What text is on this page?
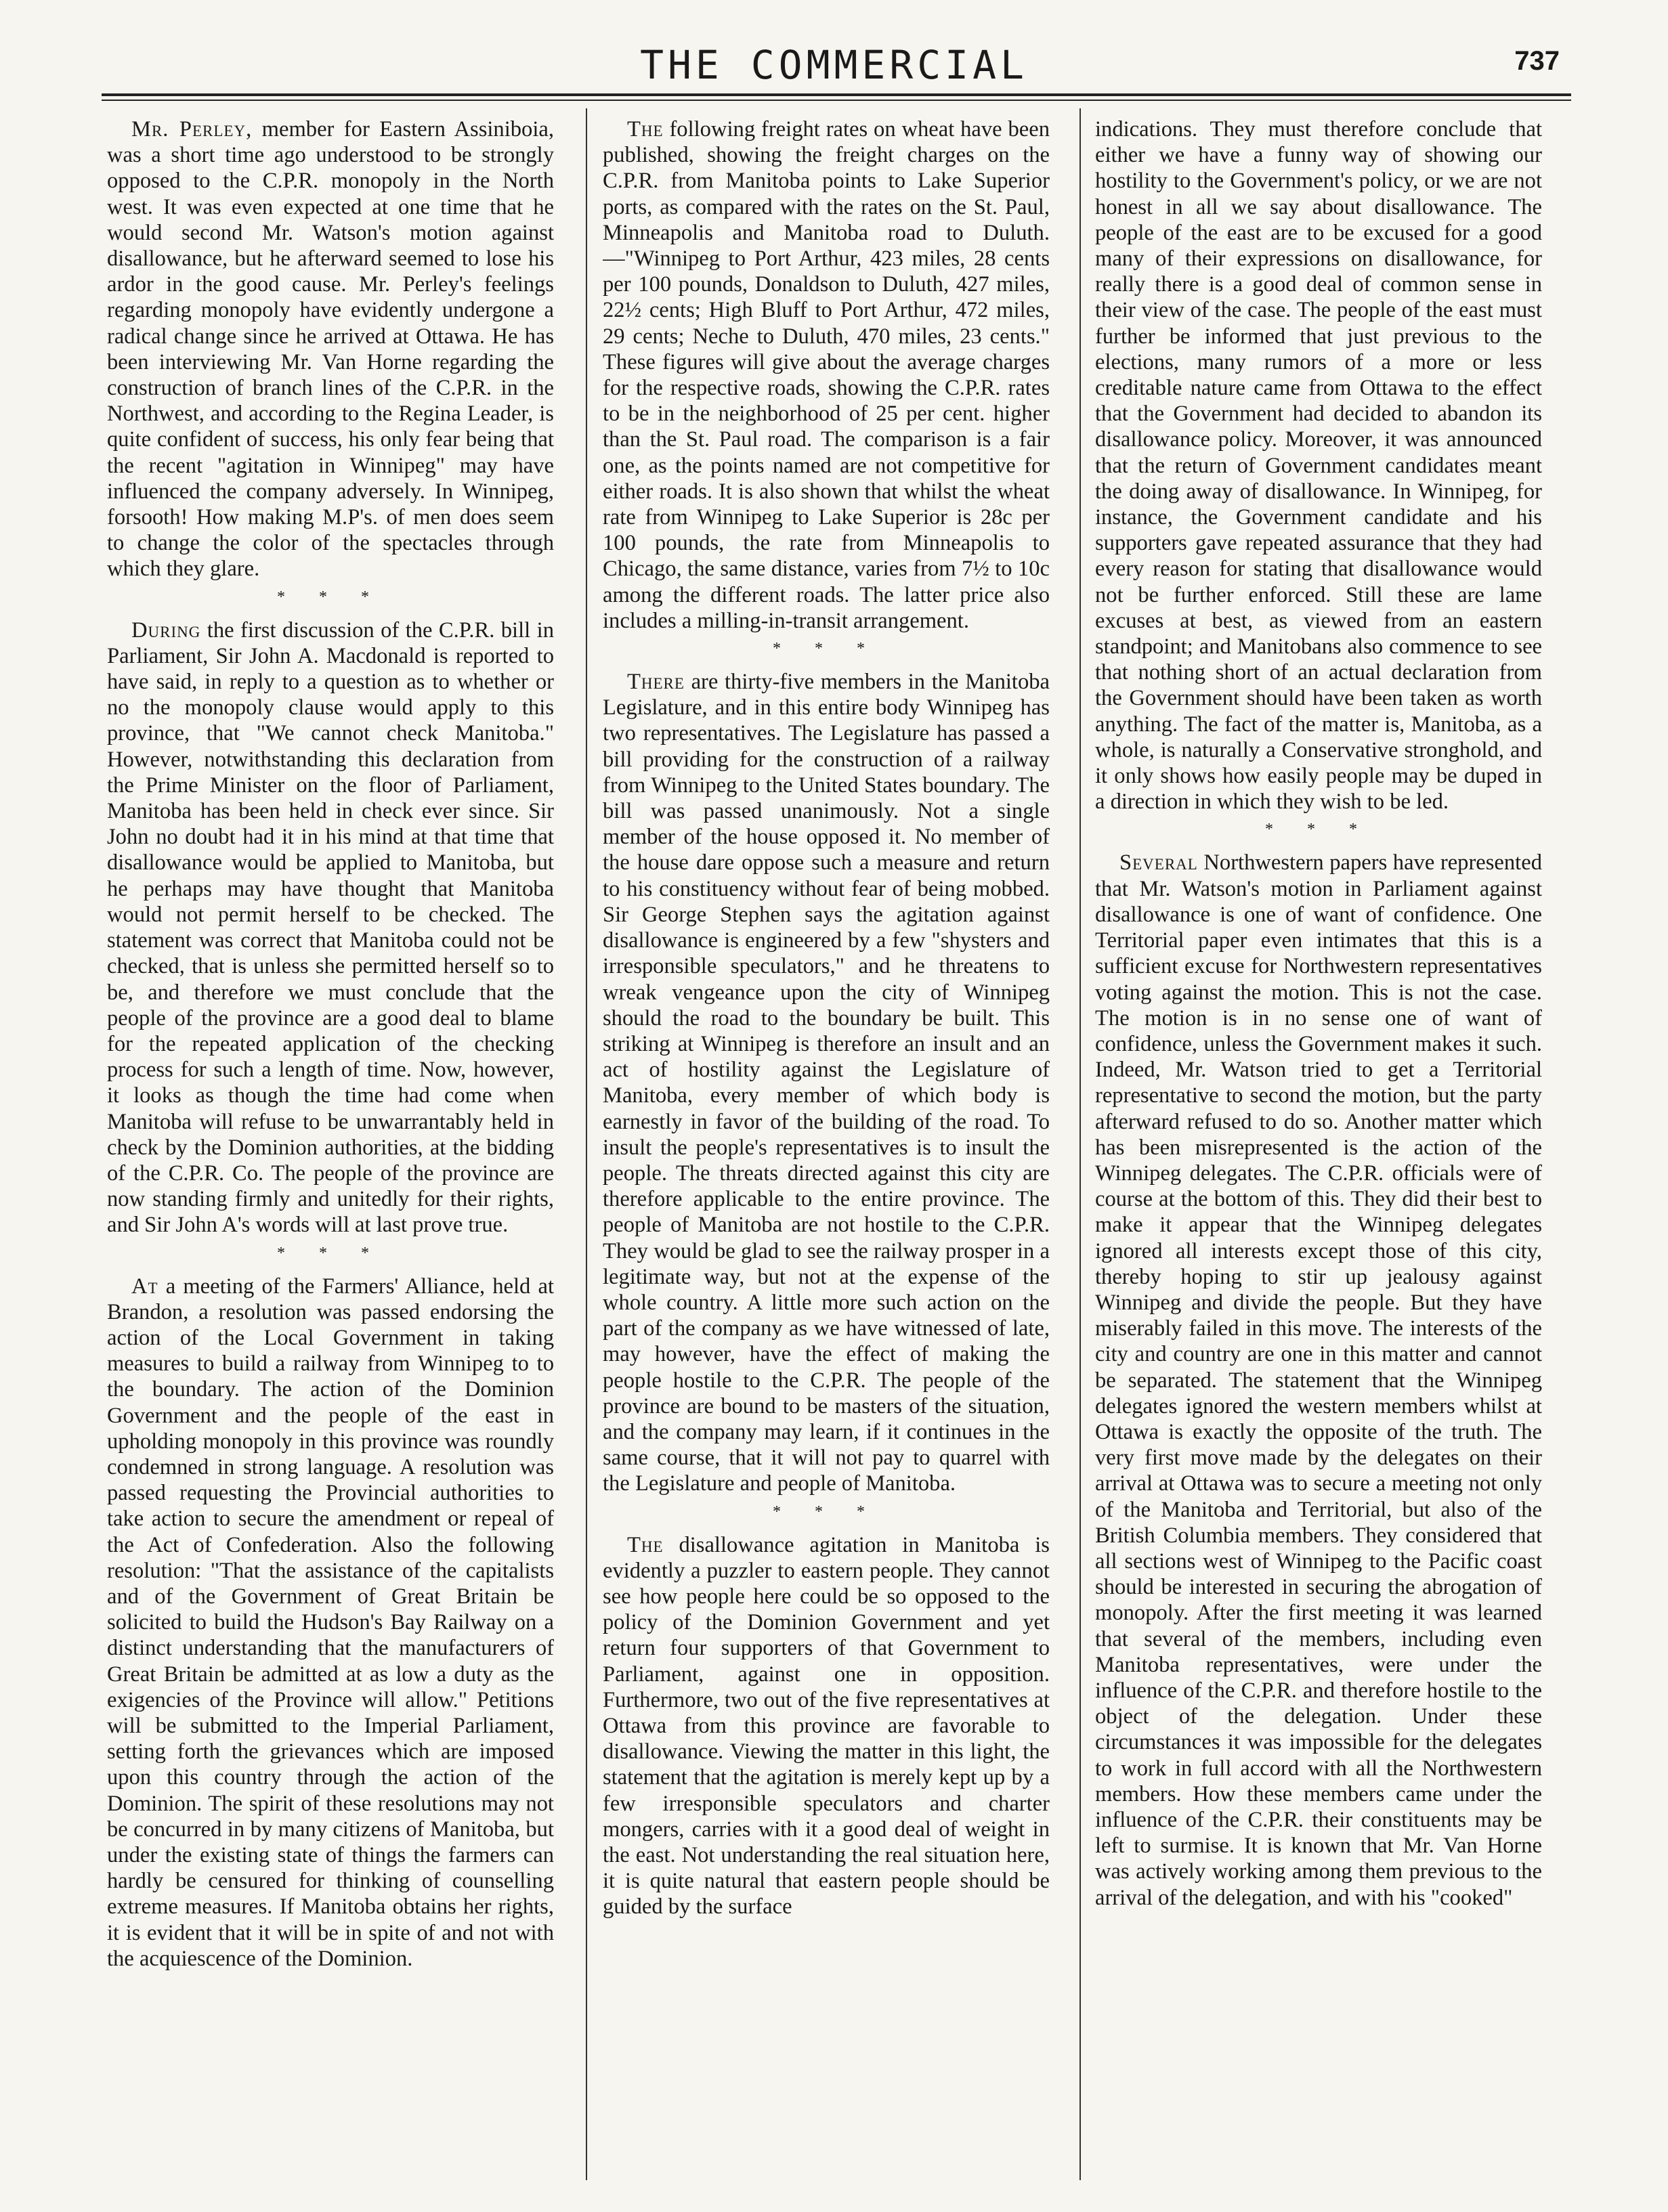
THE COMMERCIAL	737

Mr. Perley, member for Eastern Assiniboia, was a short time ago understood to be strongly opposed to the C.P.R. monopoly in the North west. It was even expected at one time that he would second Mr. Watson's motion against disallowance, but he afterward seemed to lose his ardor in the good cause. Mr. Perley's feelings regarding monopoly have evidently undergone a radical change since he arrived at Ottawa. He has been interviewing Mr. Van Horne regarding the construction of branch lines of the C.P.R. in the Northwest, and according to the Regina Leader, is quite confident of success, his only fear being that the recent "agitation in Winnipeg" may have influenced the company adversely. In Winnipeg, forsooth! How making M.P's. of men does seem to change the color of the spectacles through which they glare.

* * *

During the first discussion of the C.P.R. bill in Parliament, Sir John A. Macdonald is reported to have said, in reply to a question as to whether or no the monopoly clause would apply to this province, that "We cannot check Manitoba." However, notwithstanding this declaration from the Prime Minister on the floor of Parliament, Manitoba has been held in check ever since. Sir John no doubt had it in his mind at that time that disallowance would be applied to Manitoba, but he perhaps may have thought that Manitoba would not permit herself to be checked. The statement was correct that Manitoba could not be checked, that is unless she permitted herself so to be, and therefore we must conclude that the people of the province are a good deal to blame for the repeated application of the checking process for such a length of time. Now, however, it looks as though the time had come when Manitoba will refuse to be unwarrantably held in check by the Dominion authorities, at the bidding of the C.P.R. Co. The people of the province are now standing firmly and unitedly for their rights, and Sir John A's words will at last prove true.

* * *

At a meeting of the Farmers' Alliance, held at Brandon, a resolution was passed endorsing the action of the Local Government in taking measures to build a railway from Winnipeg to to the boundary. The action of the Dominion Government and the people of the east in upholding monopoly in this province was roundly condemned in strong language. A resolution was passed requesting the Provincial authorities to take action to secure the amendment or repeal of the Act of Confederation. Also the following resolution: "That the assistance of the capitalists and of the Government of Great Britain be solicited to build the Hudson's Bay Railway on a distinct understanding that the manufacturers of Great Britain be admitted at as low a duty as the exigencies of the Province will allow." Petitions will be submitted to the Imperial Parliament, setting forth the grievances which are imposed upon this country through the action of the Dominion. The spirit of these resolutions may not be concurred in by many citizens of Manitoba, but under the existing state of things the farmers can hardly be censured for thinking of counselling extreme measures. If Manitoba obtains her rights, it is evident that it will be in spite of and not with the acquiescence of the Dominion.

The following freight rates on wheat have been published, showing the freight charges on the C.P.R. from Manitoba points to Lake Superior ports, as compared with the rates on the St. Paul, Minneapolis and Manitoba road to Duluth.—"Winnipeg to Port Arthur, 423 miles, 28 cents per 100 pounds, Donaldson to Duluth, 427 miles, 22½ cents; High Bluff to Port Arthur, 472 miles, 29 cents; Neche to Duluth, 470 miles, 23 cents." These figures will give about the average charges for the respective roads, showing the C.P.R. rates to be in the neighborhood of 25 per cent. higher than the St. Paul road. The comparison is a fair one, as the points named are not competitive for either roads. It is also shown that whilst the wheat rate from Winnipeg to Lake Superior is 28c per 100 pounds, the rate from Minneapolis to Chicago, the same distance, varies from 7½ to 10c among the different roads. The latter price also includes a milling-in-transit arrangement.

* * *

There are thirty-five members in the Manitoba Legislature, and in this entire body Winnipeg has two representatives. The Legislature has passed a bill providing for the construction of a railway from Winnipeg to the United States boundary. The bill was passed unanimously. Not a single member of the house opposed it. No member of the house dare oppose such a measure and return to his constituency without fear of being mobbed. Sir George Stephen says the agitation against disallowance is engineered by a few "shysters and irresponsible speculators," and he threatens to wreak vengeance upon the city of Winnipeg should the road to the boundary be built. This striking at Winnipeg is therefore an insult and an act of hostility against the Legislature of Manitoba, every member of which body is earnestly in favor of the building of the road. To insult the people's representatives is to insult the people. The threats directed against this city are therefore applicable to the entire province. The people of Manitoba are not hostile to the C.P.R. They would be glad to see the railway prosper in a legitimate way, but not at the expense of the whole country. A little more such action on the part of the company as we have witnessed of late, may however, have the effect of making the people hostile to the C.P.R. The people of the province are bound to be masters of the situation, and the company may learn, if it continues in the same course, that it will not pay to quarrel with the Legislature and people of Manitoba.

* * *

The disallowance agitation in Manitoba is evidently a puzzler to eastern people. They cannot see how people here could be so opposed to the policy of the Dominion Government and yet return four supporters of that Government to Parliament, against one in opposition. Furthermore, two out of the five representatives at Ottawa from this province are favorable to disallowance. Viewing the matter in this light, the statement that the agitation is merely kept up by a few irresponsible speculators and charter mongers, carries with it a good deal of weight in the east. Not understanding the real situation here, it is quite natural that eastern people should be guided by the surface

indications. They must therefore conclude that either we have a funny way of showing our hostility to the Government's policy, or we are not honest in all we say about disallowance. The people of the east are to be excused for a good many of their expressions on disallowance, for really there is a good deal of common sense in their view of the case. The people of the east must further be informed that just previous to the elections, many rumors of a more or less creditable nature came from Ottawa to the effect that the Government had decided to abandon its disallowance policy. Moreover, it was announced that the return of Government candidates meant the doing away of disallowance. In Winnipeg, for instance, the Government candidate and his supporters gave repeated assurance that they had every reason for stating that disallowance would not be further enforced. Still these are lame excuses at best, as viewed from an eastern standpoint; and Manitobans also commence to see that nothing short of an actual declaration from the Government should have been taken as worth anything. The fact of the matter is, Manitoba, as a whole, is naturally a Conservative stronghold, and it only shows how easily people may be duped in a direction in which they wish to be led.

* * *

Several Northwestern papers have represented that Mr. Watson's motion in Parliament against disallowance is one of want of confidence. One Territorial paper even intimates that this is a sufficient excuse for Northwestern representatives voting against the motion. This is not the case. The motion is in no sense one of want of confidence, unless the Government makes it such. Indeed, Mr. Watson tried to get a Territorial representative to second the motion, but the party afterward refused to do so. Another matter which has been misrepresented is the action of the Winnipeg delegates. The C.P.R. officials were of course at the bottom of this. They did their best to make it appear that the Winnipeg delegates ignored all interests except those of this city, thereby hoping to stir up jealousy against Winnipeg and divide the people. But they have miserably failed in this move. The interests of the city and country are one in this matter and cannot be separated. The statement that the Winnipeg delegates ignored the western members whilst at Ottawa is exactly the opposite of the truth. The very first move made by the delegates on their arrival at Ottawa was to secure a meeting not only of the Manitoba and Territorial, but also of the British Columbia members. They considered that all sections west of Winnipeg to the Pacific coast should be interested in securing the abrogation of monopoly. After the first meeting it was learned that several of the members, including even Manitoba representatives, were under the influence of the C.P.R. and therefore hostile to the object of the delegation. Under these circumstances it was impossible for the delegates to work in full accord with all the Northwestern members. How these members came under the influence of the C.P.R. their constituents may be left to surmise. It is known that Mr. Van Horne was actively working among them previous to the arrival of the delegation, and with his "cooked"
